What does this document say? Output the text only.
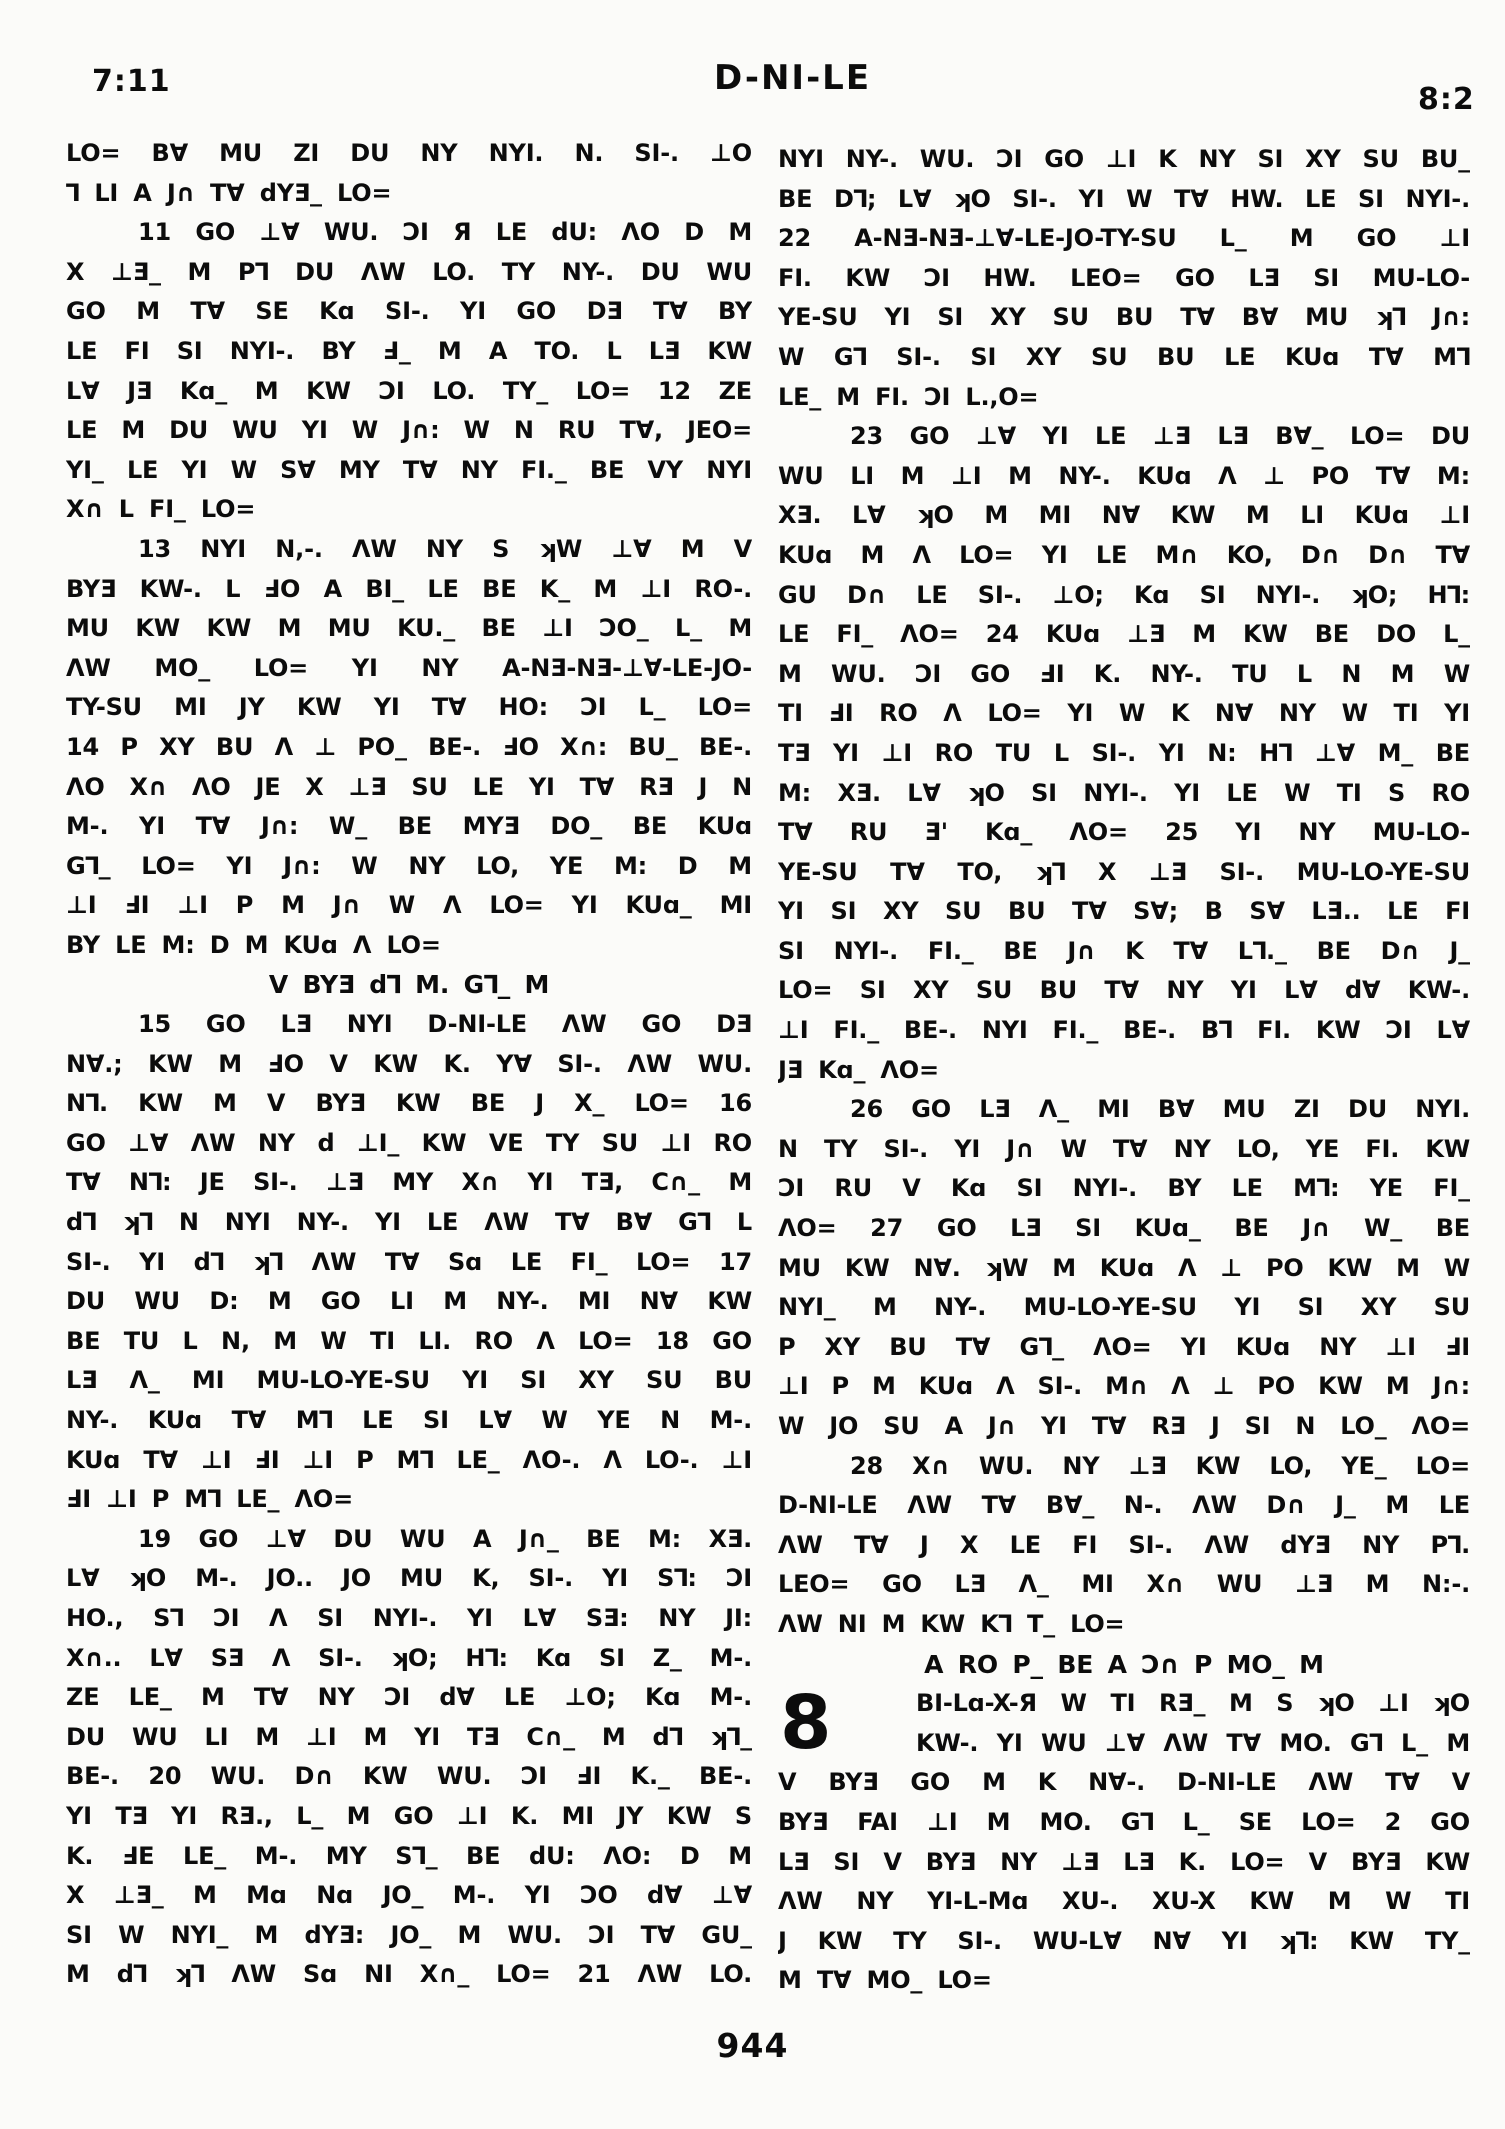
7:11	D-NI-LE
8:2
LO= B∀ MU ZI DU NY NYI. N. SI-. ⊥O
⅂ LI A J∩ T∀ dYƎ_ LO=
11 GO ⊥∀ WU. ƆI Я LE dU: ΛO D M
X ⊥Ǝ_ M P⅂ DU ΛW LO. TY NY-. DU WU
GO M T∀ SE Kɑ SI-. YI GO DƎ T∀ BY
LE FI SI NYI-. BY Ⅎ_ M A TO. L LƎ KW
L∀ JƎ Kɑ_ M KW ƆI LO. TY_ LO= 12 ZE
LE M DU WU YI W J∩: W N RU T∀, JEO=
YI_ LE YI W S∀ MY T∀ NY FI._ BE VY NYI
X∩ L FI_ LO=
13 NYI N,-. ΛW NY S ʞW ⊥∀ M V
BYƎ KW-. L ℲO A BI_ LE BE K_ M ⊥I RO-.
MU KW KW M MU KU._ BE ⊥I ƆO_ L_ M
ΛW MO_ LO= YI NY A-NƎ-NƎ-⊥∀-LE-JO-
TY-SU MI JY KW YI T∀ HO: ƆI L_ LO=
14 P XY BU Λ ⊥ PO_ BE-. ℲO X∩: BU_ BE-.
ΛO X∩ ΛO JE X ⊥Ǝ SU LE YI T∀ RƎ J N
M-. YI T∀ J∩: W_ BE MYƎ DO_ BE KUɑ
G⅂_ LO= YI J∩: W NY LO, YE M: D M
⊥I ℲI ⊥I P M J∩ W Λ LO= YI KUɑ_ MI
BY LE M: D M KUɑ Λ LO=
V BYƎ d⅂ M. G⅂_ M
15 GO LƎ NYI D-NI-LE ΛW GO DƎ
N∀.; KW M ℲO V KW K. Y∀ SI-. ΛW WU.
N⅂. KW M V BYƎ KW BE J X_ LO= 16
GO ⊥∀ ΛW NY d ⊥I_ KW VE TY SU ⊥I RO
T∀ N⅂: JE SI-. ⊥Ǝ MY X∩ YI TƎ, C∩_ M
d⅂ ʞ⅂ N NYI NY-. YI LE ΛW T∀ B∀ G⅂ L
SI-. YI d⅂ ʞ⅂ ΛW T∀ Sɑ LE FI_ LO= 17
DU WU D: M GO LI M NY-. MI N∀ KW
BE TU L N, M W TI LI. RO Λ LO= 18 GO
LƎ Λ_ MI MU-LO-YE-SU YI SI XY SU BU
NY-. KUɑ T∀ M⅂ LE SI L∀ W YE N M-.
KUɑ T∀ ⊥I ℲI ⊥I P M⅂ LE_ ΛO-. Λ LO-. ⊥I
ℲI ⊥I P M⅂ LE_ ΛO=
19 GO ⊥∀ DU WU A J∩_ BE M: XƎ.
L∀ ʞO M-. JO.. JO MU K, SI-. YI S⅂: ƆI
HO., S⅂ ƆI Λ SI NYI-. YI L∀ SƎ: NY JI:
X∩.. L∀ SƎ Λ SI-. ʞO; H⅂: Kɑ SI Z_ M-.
ZE LE_ M T∀ NY ƆI d∀ LE ⊥O; Kɑ M-.
DU WU LI M ⊥I M YI TƎ C∩_ M d⅂ ʞ⅂_
BE-. 20 WU. D∩ KW WU. ƆI ℲI K._ BE-.
YI TƎ YI RƎ., L_ M GO ⊥I K. MI JY KW S
K. ℲE LE_ M-. MY S⅂_ BE dU: ΛO: D M
X ⊥Ǝ_ M Mɑ Nɑ JO_ M-. YI ƆO d∀ ⊥∀
SI W NYI_ M dYƎ: JO_ M WU. ƆI T∀ GU_
M d⅂ ʞ⅂ ΛW Sɑ NI X∩_ LO= 21 ΛW LO.
NYI NY-. WU. ƆI GO ⊥I K NY SI XY SU BU_
BE D⅂; L∀ ʞO SI-. YI W T∀ HW. LE SI NYI-.
22 A-NƎ-NƎ-⊥∀-LE-JO-TY-SU L_ M GO ⊥I
FI. KW ƆI HW. LEO= GO LƎ SI MU-LO-
YE-SU YI SI XY SU BU T∀ B∀ MU ʞ⅂ J∩:
W G⅂ SI-. SI XY SU BU LE KUɑ T∀ M⅂
LE_ M FI. ƆI L.,O=
23 GO ⊥∀ YI LE ⊥Ǝ LƎ B∀_ LO= DU
WU LI M ⊥I M NY-. KUɑ Λ ⊥ PO T∀ M:
XƎ. L∀ ʞO M MI N∀ KW M LI KUɑ ⊥I
KUɑ M Λ LO= YI LE M∩ KO, D∩ D∩ T∀
GU D∩ LE SI-. ⊥O; Kɑ SI NYI-. ʞO; H⅂:
LE FI_ ΛO= 24 KUɑ ⊥Ǝ M KW BE DO L_
M WU. ƆI GO ℲI K. NY-. TU L N M W
TI ℲI RO Λ LO= YI W K N∀ NY W TI YI
TƎ YI ⊥I RO TU L SI-. YI N: H⅂ ⊥∀ M_ BE
M: XƎ. L∀ ʞO SI NYI-. YI LE W TI S RO
T∀ RU Ǝ' Kɑ_ ΛO= 25 YI NY MU-LO-
YE-SU T∀ TO, ʞ⅂ X ⊥Ǝ SI-. MU-LO-YE-SU
YI SI XY SU BU T∀ S∀; B S∀ LƎ.. LE FI
SI NYI-. FI._ BE J∩ K T∀ L⅂._ BE D∩ J_
LO= SI XY SU BU T∀ NY YI L∀ d∀ KW-.
⊥I FI._ BE-. NYI FI._ BE-. B⅂ FI. KW ƆI L∀
JƎ Kɑ_ ΛO=
26 GO LƎ Λ_ MI B∀ MU ZI DU NYI.
N TY SI-. YI J∩ W T∀ NY LO, YE FI. KW
ƆI RU V Kɑ SI NYI-. BY LE M⅂: YE FI_
ΛO= 27 GO LƎ SI KUɑ_ BE J∩ W_ BE
MU KW N∀. ʞW M KUɑ Λ ⊥ PO KW M W
NYI_ M NY-. MU-LO-YE-SU YI SI XY SU
P XY BU T∀ G⅂_ ΛO= YI KUɑ NY ⊥I ℲI
⊥I P M KUɑ Λ SI-. M∩ Λ ⊥ PO KW M J∩:
W JO SU A J∩ YI T∀ RƎ J SI N LO_ ΛO=
28 X∩ WU. NY ⊥Ǝ KW LO, YE_ LO=
D-NI-LE ΛW T∀ B∀_ N-. ΛW D∩ J_ M LE
ΛW T∀ J X LE FI SI-. ΛW dYƎ NY P⅂.
LEO= GO LƎ Λ_ MI X∩ WU ⊥Ǝ M N:-.
ΛW NI M KW K⅂ T_ LO=
A RO P_ BE A Ɔ∩ P MO_ M
8	BI-Lɑ-X-Я W TI RƎ_ M S ʞO ⊥I ʞO
KW-. YI WU ⊥∀ ΛW T∀ MO. G⅂ L_ M
V BYƎ GO M K N∀-. D-NI-LE ΛW T∀ V
BYƎ FAI ⊥I M MO. G⅂ L_ SE LO= 2 GO
LƎ SI V BYƎ NY ⊥Ǝ LƎ K. LO= V BYƎ KW
ΛW NY YI-L-Mɑ XU-. XU-X KW M W TI
J KW TY SI-. WU-L∀ N∀ YI ʞ⅂: KW TY_
M T∀ MO_ LO=
944
